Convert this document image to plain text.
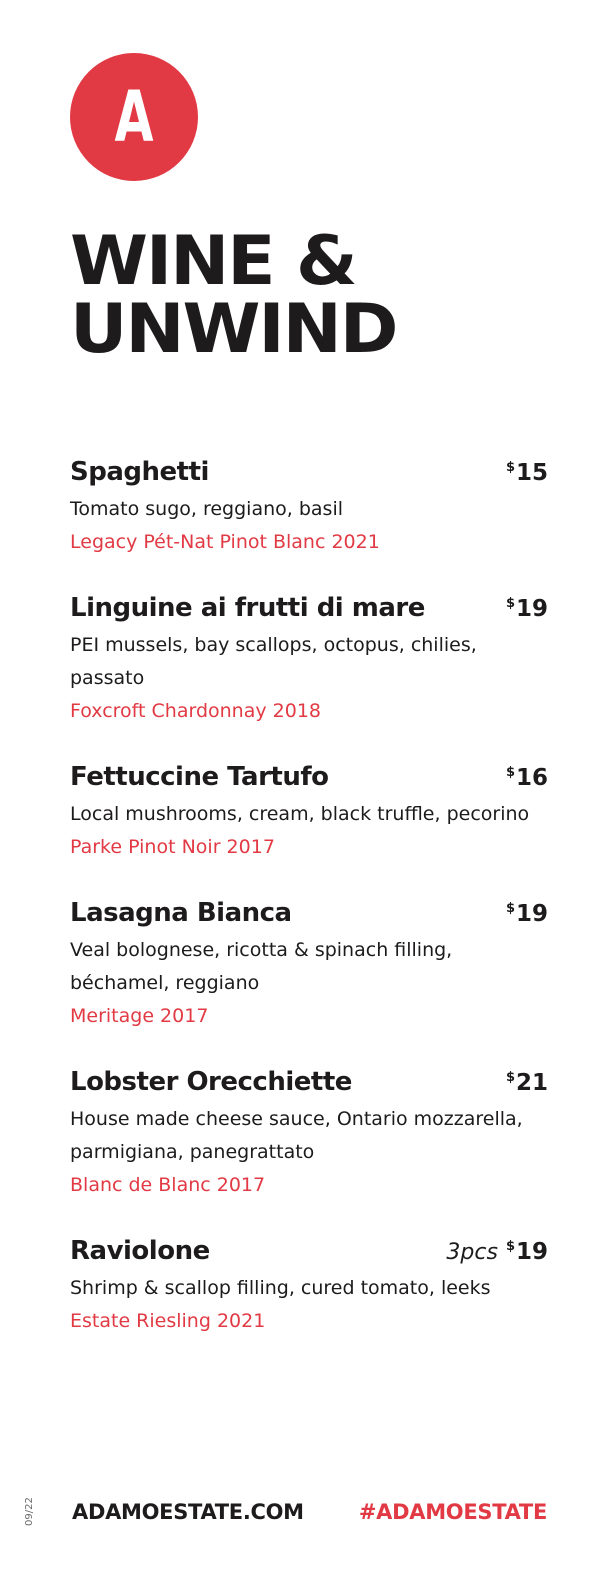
A
WINE &
UNWIND
Spaghetti	$15
Tomato sugo, reggiano, basil
Legacy Pét-Nat Pinot Blanc 2021
Linguine ai frutti di mare	$19
PEI mussels, bay scallops, octopus, chilies, passato
Foxcroft Chardonnay 2018
Fettuccine Tartufo	$16
Local mushrooms, cream, black truffle, pecorino
Parke Pinot Noir 2017
Lasagna Bianca	$19
Veal bolognese, ricotta & spinach filling, béchamel, reggiano
Meritage 2017
Lobster Orecchiette	$21
House made cheese sauce, Ontario mozzarella, parmigiana, panegrattato
Blanc de Blanc 2017
Raviolone	3pcs $19
Shrimp & scallop filling, cured tomato, leeks
Estate Riesling 2021
09/22 ADAMOESTATE.COM	#ADAMOESTATE
